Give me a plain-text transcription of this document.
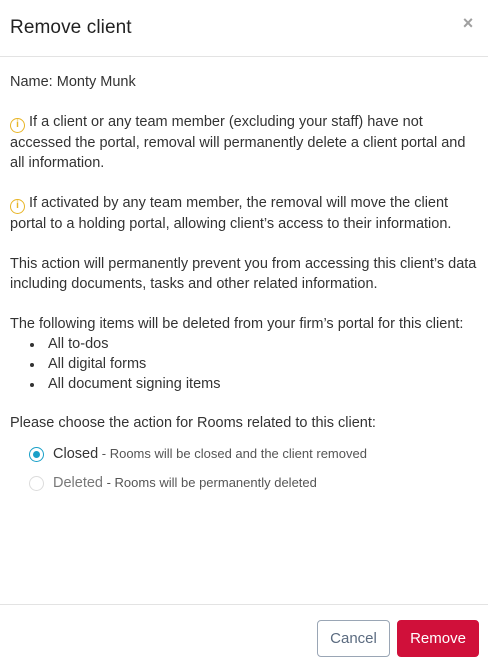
Remove client	×
Name: Monty Munk
i If a client or any team member (excluding your staff) have not accessed the portal, removal will permanently delete a client portal and all information.
i If activated by any team member, the removal will move the client portal to a holding portal, allowing client’s access to their information.
This action will permanently prevent you from accessing this client’s data including documents, tasks and other related information.
The following items will be deleted from your firm’s portal for this client:
All to-dos
All digital forms
All document signing items
Please choose the action for Rooms related to this client:
Closed - Rooms will be closed and the client removed
Deleted - Rooms will be permanently deleted
Cancel	Remove
